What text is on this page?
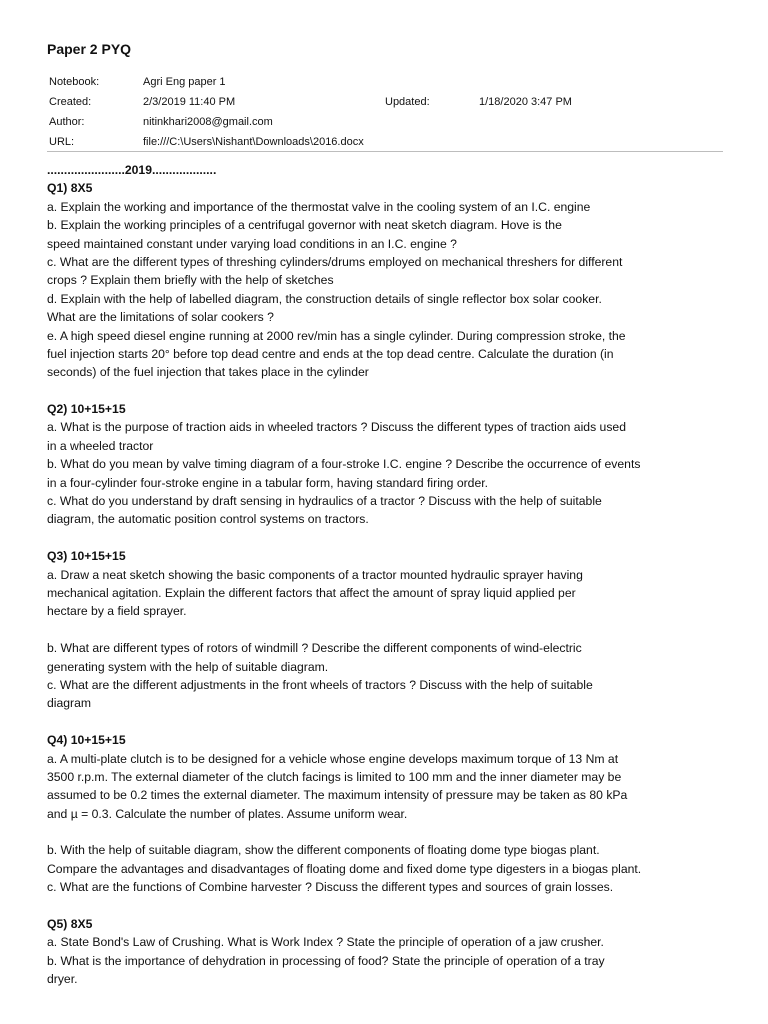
Paper 2 PYQ
Notebook:	Agri Eng paper 1
Created:	2/3/2019 11:40 PM	Updated:	1/18/2020 3:47 PM
Author:	nitinkhari2008@gmail.com
URL:	file:///C:\Users\Nishant\Downloads\2016.docx
.......................2019...................
Q1) 8X5
a. Explain the working and importance of the thermostat valve in the cooling system of an I.C. engine
b. Explain the working principles of a centrifugal governor with neat sketch diagram. Hove is the
speed maintained constant under varying load conditions in an I.C. engine ?
c. What are the different types of threshing cylinders/drums employed on mechanical threshers for different
crops ? Explain them briefly with the help of sketches
d. Explain with the help of labelled diagram, the construction details of single reflector box solar cooker.
What are the limitations of solar cookers ?
e. A high speed diesel engine running at 2000 rev/min has a single cylinder. During compression stroke, the
fuel injection starts 20° before top dead centre and ends at the top dead centre. Calculate the duration (in
seconds) of the fuel injection that takes place in the cylinder
Q2) 10+15+15
a. What is the purpose of traction aids in wheeled tractors ? Discuss the different types of traction aids used
in a wheeled tractor
b. What do you mean by valve timing diagram of a four-stroke I.C. engine ? Describe the occurrence of events
in a four-cylinder four-stroke engine in a tabular form, having standard firing order.
c. What do you understand by draft sensing in hydraulics of a tractor ? Discuss with the help of suitable
diagram, the automatic position control systems on tractors.
Q3) 10+15+15
a. Draw a neat sketch showing the basic components of a tractor mounted hydraulic sprayer having
mechanical agitation. Explain the different factors that affect the amount of spray liquid applied per
hectare by a field sprayer.
b. What are different types of rotors of windmill ? Describe the different components of wind-electric
generating system with the help of suitable diagram.
c. What are the different adjustments in the front wheels of tractors ? Discuss with the help of suitable
diagram
Q4) 10+15+15
a. A multi-plate clutch is to be designed for a vehicle whose engine develops maximum torque of 13 Nm at
3500 r.p.m. The external diameter of the clutch facings is limited to 100 mm and the inner diameter may be
assumed to be 0.2 times the external diameter. The maximum intensity of pressure may be taken as 80 kPa
and µ = 0.3. Calculate the number of plates. Assume uniform wear.
b. With the help of suitable diagram, show the different components of floating dome type biogas plant.
Compare the advantages and disadvantages of floating dome and fixed dome type digesters in a biogas plant.
c. What are the functions of Combine harvester ? Discuss the different types and sources of grain losses.
Q5) 8X5
a. State Bond's Law of Crushing. What is Work Index ? State the principle of operation of a jaw crusher.
b. What is the importance of dehydration in processing of food? State the principle of operation of a tray
dryer.
